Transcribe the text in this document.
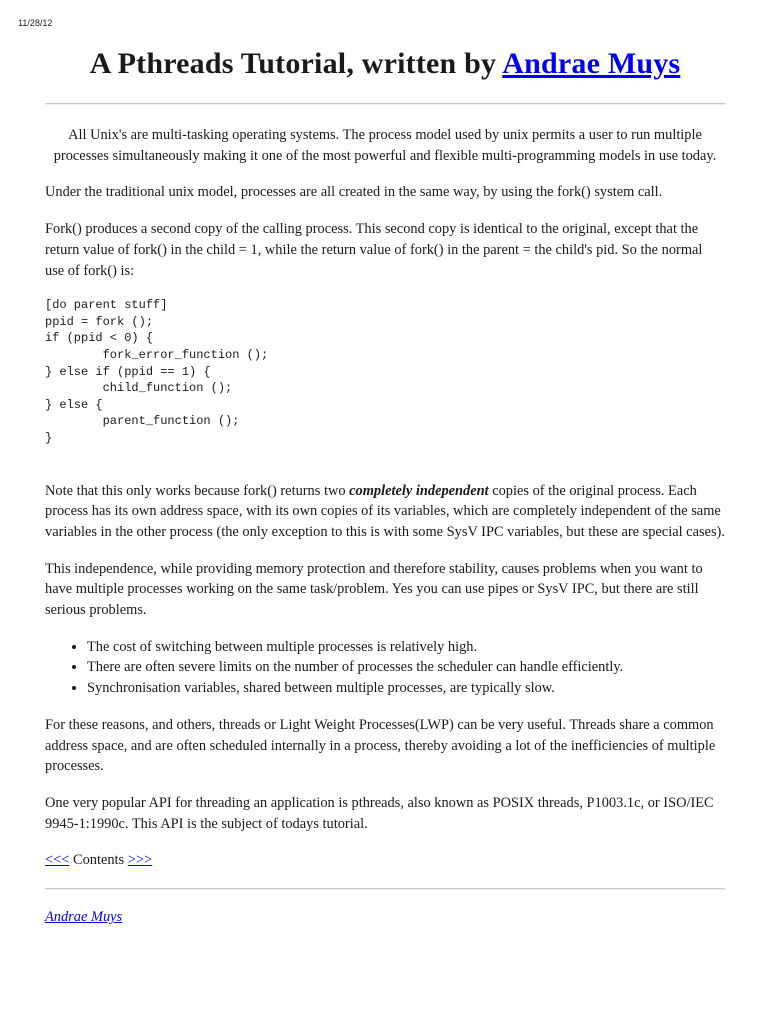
11/28/12
A Pthreads Tutorial, written by Andrae Muys

All Unix's are multi-tasking operating systems. The process model used by unix permits a user to run multiple processes simultaneously making it one of the most powerful and flexible multi-programming models in use today.

Under the traditional unix model, processes are all created in the same way, by using the fork() system call.

Fork() produces a second copy of the calling process. This second copy is identical to the original, except that the return value of fork() in the child = 1, while the return value of fork() in the parent = the child's pid. So the normal use of fork() is:

[do parent stuff]
ppid = fork ();
if (ppid < 0) {
fork_error_function ();
} else if (ppid == 1) {
child_function ();
} else {
parent_function ();
}

Note that this only works because fork() returns two completely independent copies of the original process. Each process has its own address space, with its own copies of its variables, which are completely independent of the same variables in the other process (the only exception to this is with some SysV IPC variables, but these are special cases).

This independence, while providing memory protection and therefore stability, causes problems when you want to have multiple processes working on the same task/problem. Yes you can use pipes or SysV IPC, but there are still serious problems.

• The cost of switching between multiple processes is relatively high.
• There are often severe limits on the number of processes the scheduler can handle efficiently.
• Synchronisation variables, shared between multiple processes, are typically slow.

For these reasons, and others, threads or Light Weight Processes(LWP) can be very useful. Threads share a common address space, and are often scheduled internally in a process, thereby avoiding a lot of the inefficiencies of multiple processes.

One very popular API for threading an application is pthreads, also known as POSIX threads, P1003.1c, or ISO/IEC 9945-1:1990c. This API is the subject of todays tutorial.

<<< Contents >>>

Andrae Muys
